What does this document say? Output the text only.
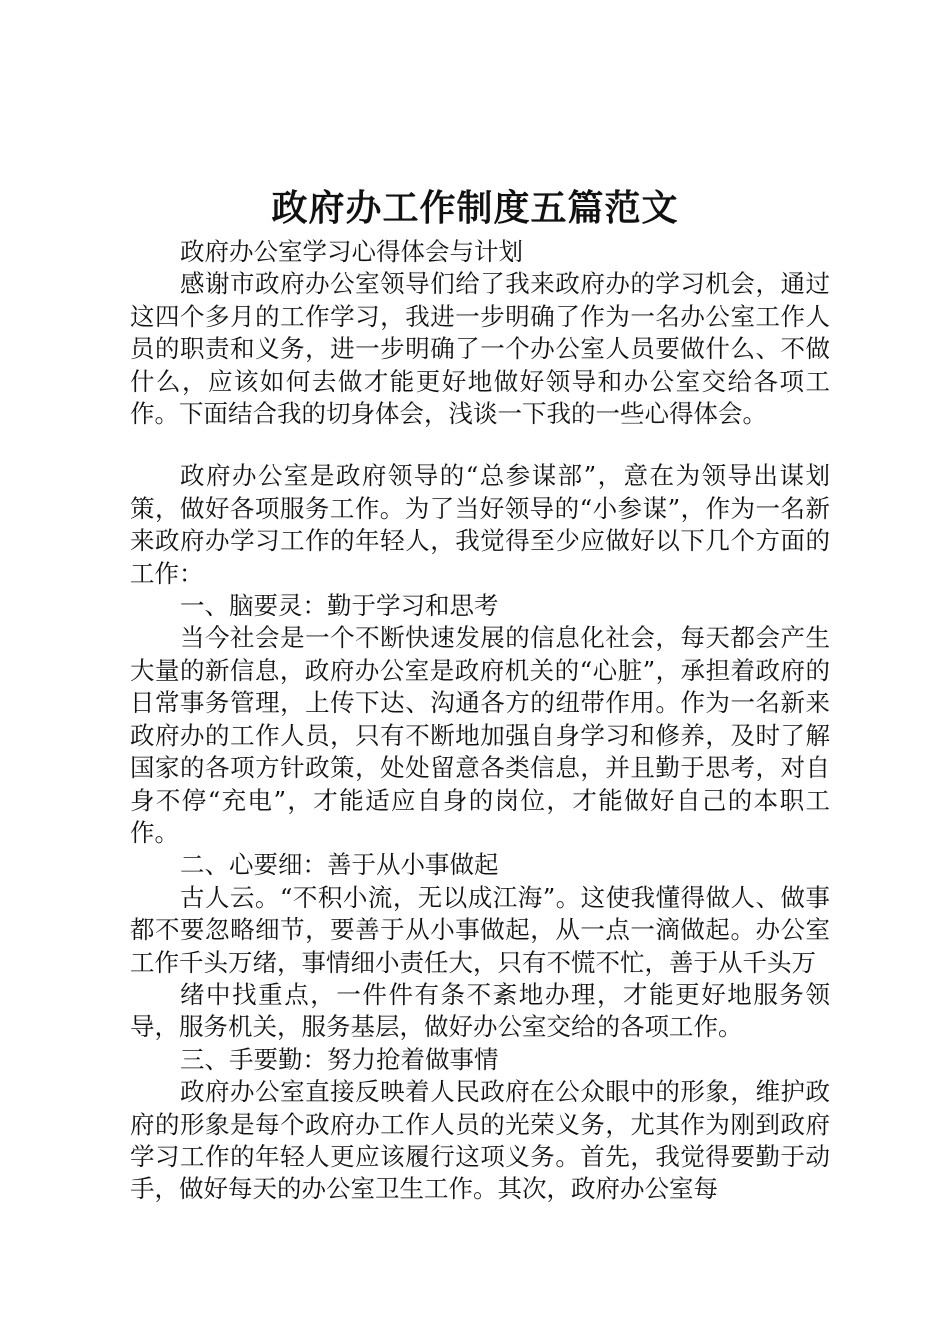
政府办工作制度五篇范文

政府办公室学习心得体会与计划

感谢市政府办公室领导们给了我来政府办的学习机会，通过这四个多月的工作学习，我进一步明确了作为一名办公室工作人员的职责和义务，进一步明确了一个办公室人员要做什么、不做什么，应该如何去做才能更好地做好领导和办公室交给各项工作。下面结合我的切身体会，浅谈一下我的一些心得体会。

政府办公室是政府领导的“总参谋部”，意在为领导出谋划策，做好各项服务工作。为了当好领导的“小参谋”，作为一名新来政府办学习工作的年轻人，我觉得至少应做好以下几个方面的工作：

一、脑要灵：勤于学习和思考

当今社会是一个不断快速发展的信息化社会，每天都会产生大量的新信息，政府办公室是政府机关的“心脏”，承担着政府的日常事务管理，上传下达、沟通各方的纽带作用。作为一名新来政府办的工作人员，只有不断地加强自身学习和修养，及时了解国家的各项方针政策，处处留意各类信息，并且勤于思考，对自身不停“充电”，才能适应自身的岗位，才能做好自己的本职工作。

二、心要细：善于从小事做起

古人云。“不积小流，无以成江海”。这使我懂得做人、做事都不要忽略细节，要善于从小事做起，从一点一滴做起。办公室工作千头万绪，事情细小责任大，只有不慌不忙，善于从千头万

绪中找重点，一件件有条不紊地办理，才能更好地服务领导，服务机关，服务基层，做好办公室交给的各项工作。

三、手要勤：努力抢着做事情

政府办公室直接反映着人民政府在公众眼中的形象，维护政府的形象是每个政府办工作人员的光荣义务，尤其作为刚到政府学习工作的年轻人更应该履行这项义务。首先，我觉得要勤于动手，做好每天的办公室卫生工作。其次，政府办公室每
